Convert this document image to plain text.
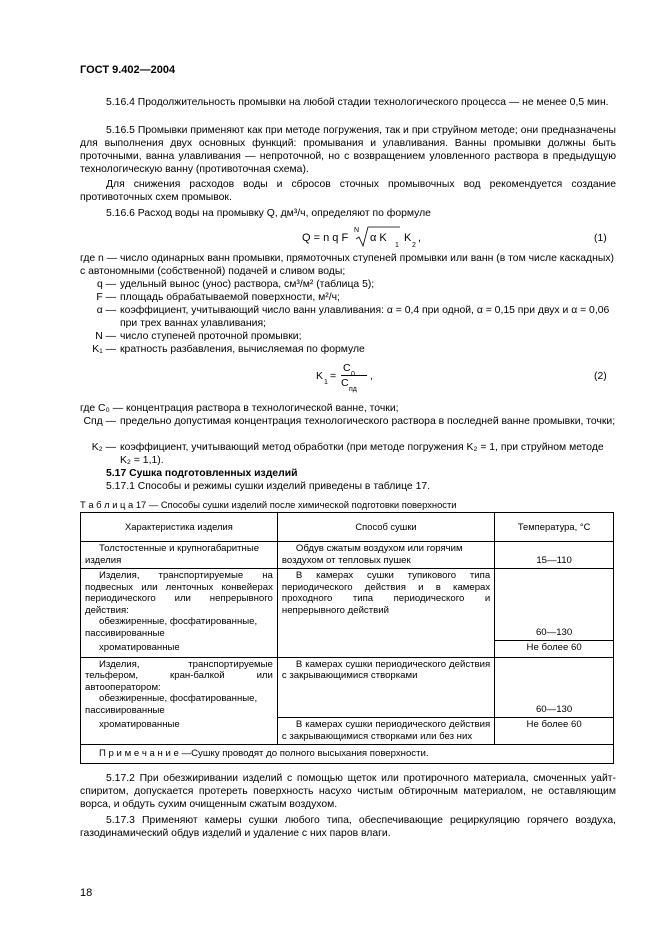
ГОСТ 9.402—2004
5.16.4 Продолжительность промывки на любой стадии технологического процесса — не менее 0,5 мин.
5.16.5 Промывки применяют как при методе погружения, так и при струйном методе; они предназначены для выполнения двух основных функций: промывания и улавливания. Ванны промывки должны быть проточными, ванна улавливания — непроточной, но с возвращением уловленного раствора в предыдущую технологическую ванну (противоточная схема).
Для снижения расходов воды и сбросов сточных промывочных вод рекомендуется создание противоточных схем промывок.
5.16.6 Расход воды на промывку Q, дм³/ч, определяют по формуле
Q = n q F
N
α K
1
K
2
,	(1)
где n — число одинарных ванн промывки, прямоточных ступеней промывки или ванн (в том числе каскадных) с автономными (собственной) подачей и сливом воды;
q — удельный вынос (унос) раствора, см³/м² (таблица 5);
F — площадь обрабатываемой поверхности, м²/ч;
α — коэффициент, учитывающий число ванн улавливания: α = 0,4 при одной, α = 0,15 при двух и α = 0,06 при трех ваннах улавливания;
N — число ступеней проточной промывки;
K₁ — кратность разбавления, вычисляемая по формуле
K
1
=
C
0
C
пд
,	(2)
где C₀ — концентрация раствора в технологической ванне, точки;
Cпд — предельно допустимая концентрация технологического раствора в последней ванне промывки, точки;
K₂ — коэффициент, учитывающий метод обработки (при методе погружения K₂ = 1, при струйном методе K₂ = 1,1).
5.17 Сушка подготовленных изделий
5.17.1 Способы и режимы сушки изделий приведены в таблице 17.
Т а б л и ц а 17 — Способы сушки изделий после химической подготовки поверхности
Характеристика изделия	Способ сушки	Температура, °C
Толстостенные и крупногабаритные изделия	Обдув сжатым воздухом или горячим воздухом от тепловых пушек	15—110

Изделия, транспортируемые на подвесных или ленточных конвейерах периодического или непрерывного действия:
обезжиренные, фосфатированные, пассивированные	В камерах сушки тупикового типа периодического действия и в камерах проходного типа периодического и непрерывного действий	60—130
хроматированные		Не более 60

Изделия, транспортируемые тельфером, кран-балкой или автооператором:
обезжиренные, фосфатированные, пассивированные	В камерах сушки периодического действия с закрывающимися створками	60—130
хроматированные	В камерах сушки периодического действия с закрывающимися створками или без них	Не более 60
П р и м е ч а н и е —Сушку проводят до полного высыхания поверхности.		
5.17.2 При обезжиривании изделий с помощью щеток или протирочного материала, смоченных уайт-спиритом, допускается протереть поверхность насухо чистым обтирочным материалом, не оставляющим ворса, и обдуть сухим очищенным сжатым воздухом.
5.17.3 Применяют камеры сушки любого типа, обеспечивающие рециркуляцию горячего воздуха, газодинамический обдув изделий и удаление с них паров влаги.
18
